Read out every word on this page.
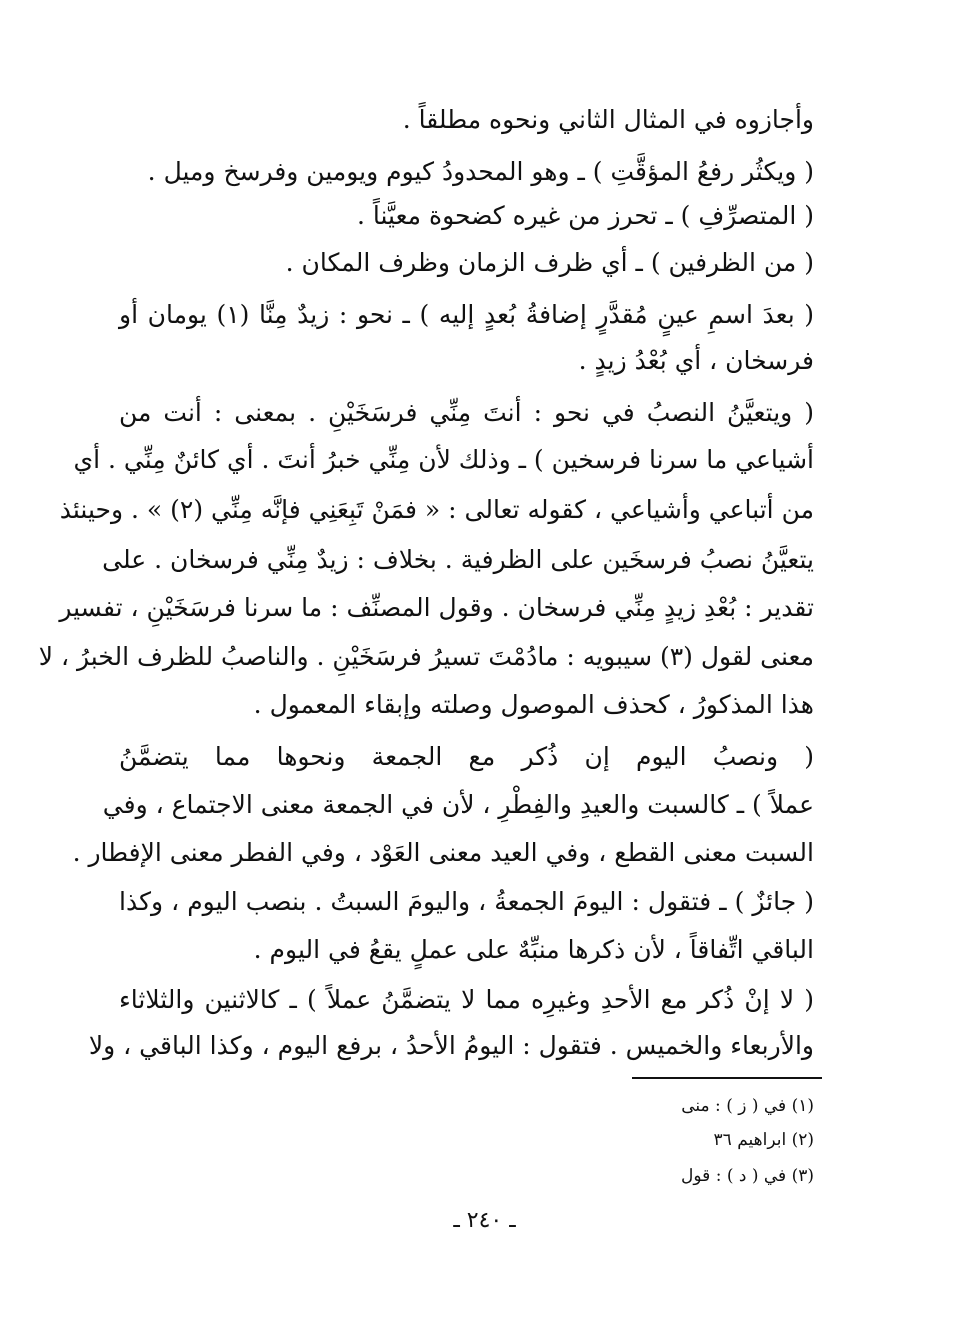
وأجازوه في المثال الثاني ونحوه مطلقاً .
( ويكثُر رفعُ المؤقَّتِ ) ـ وهو المحدودُ كيوم ويومين وفرسخ وميل .
( المتصرِّفِ ) ـ تحرز من غيره كضحوة معيَّناً .
( من الظرفين ) ـ أي ظرف الزمان وظرف المكان .
( بعدَ اسمِ عينٍ مُقدَّرٍ إضافةُ بُعدٍ إليه ) ـ نحو : زيدٌ مِنَّا (١) يومان أو
فرسخان ، أي بُعْدُ زيدٍ .
( ويتعيَّنُ النصبُ في نحو : أنتَ مِنِّي فرسَخَيْنِ . بمعنى : أنت من
أشياعي ما سرنا فرسخين ) ـ وذلك لأن مِنِّي خبرُ أنتَ . أي كائنٌ مِنِّي . أي
من أتباعي وأشياعي ، كقوله تعالى : « فمَنْ تَبِعَنِي فإنَّه مِنِّي (٢) » . وحينئذ
يتعيَّنُ نصبُ فرسخَين على الظرفية . بخلاف : زيدٌ مِنِّي فرسخان . على
تقدير : بُعْدِ زيدٍ مِنِّي فرسخان . وقول المصنِّف : ما سرنا فرسَخَيْنِ ، تفسير
معنى لقول (٣) سيبويه : مادُمْتَ تسيرُ فرسَخَيْنِ . والناصبُ للظرف الخبرُ ، لا
هذا المذكورُ ، كحذف الموصول وصلته وإبقاء المعمول .
( ونصبُ اليوم إن ذُكر مع الجمعة ونحوها مما يتضمَّنُ
عملاً ) ـ كالسبت والعيدِ والفِطْرِ ، لأن في الجمعة معنى الاجتماع ، وفي
السبت معنى القطع ، وفي العيد معنى العَوْد ، وفي الفطر معنى الإفطار .
( جائزٌ ) ـ فتقول : اليومَ الجمعةُ ، واليومَ السبتُ . بنصب اليوم ، وكذا
الباقي اتِّفاقاً ، لأن ذكرها منبِّهٌ على عملٍ يقعُ في اليوم .
( لا إنْ ذُكر مع الأحدِ وغيرِه مما لا يتضمَّنُ عملاً ) ـ كالاثنين والثلاثاء
والأربعاء والخميس . فتقول : اليومُ الأحدُ ، برفع اليوم ، وكذا الباقي ، ولا
(١) في ( ز ) : منى
(٢) ابراهيم ٣٦
(٣) في ( د ) : قول
ـ ٢٤٠ ـ
